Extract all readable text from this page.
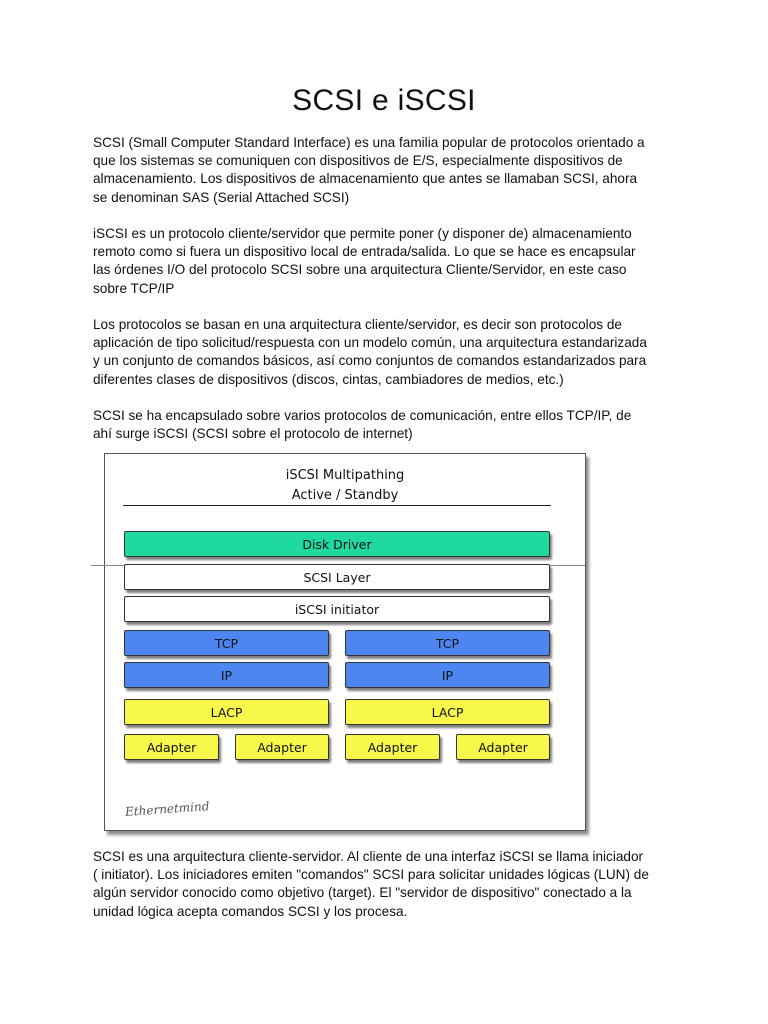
SCSI e iSCSI

SCSI (Small Computer Standard Interface) es una familia popular de protocolos orientado a
que los sistemas se comuniquen con dispositivos de E/S, especialmente dispositivos de
almacenamiento. Los dispositivos de almacenamiento que antes se llamaban SCSI, ahora
se denominan SAS (Serial Attached SCSI)

iSCSI es un protocolo cliente/servidor que permite poner (y disponer de) almacenamiento
remoto como si fuera un dispositivo local de entrada/salida. Lo que se hace es encapsular
las órdenes I/O del protocolo SCSI sobre una arquitectura Cliente/Servidor, en este caso
sobre TCP/IP

Los protocolos se basan en una arquitectura cliente/servidor, es decir son protocolos de
aplicación de tipo solicitud/respuesta con un modelo común, una arquitectura estandarizada
y un conjunto de comandos básicos, así como conjuntos de comandos estandarizados para
diferentes clases de dispositivos (discos, cintas, cambiadores de medios, etc.)

SCSI se ha encapsulado sobre varios protocolos de comunicación, entre ellos TCP/IP, de
ahí surge iSCSI (SCSI sobre el protocolo de internet)

iSCSI Multipathing
Active / Standby
Disk Driver
SCSI Layer
iSCSI initiator
TCP	TCP
IP	IP
LACP	LACP
Adapter	Adapter	Adapter	Adapter
Ethernetmind

SCSI es una arquitectura cliente-servidor. Al cliente de una interfaz iSCSI se llama iniciador
( initiator). Los iniciadores emiten "comandos" SCSI para solicitar unidades lógicas (LUN) de
algún servidor conocido como objetivo (target). El "servidor de dispositivo" conectado a la
unidad lógica acepta comandos SCSI y los procesa.
